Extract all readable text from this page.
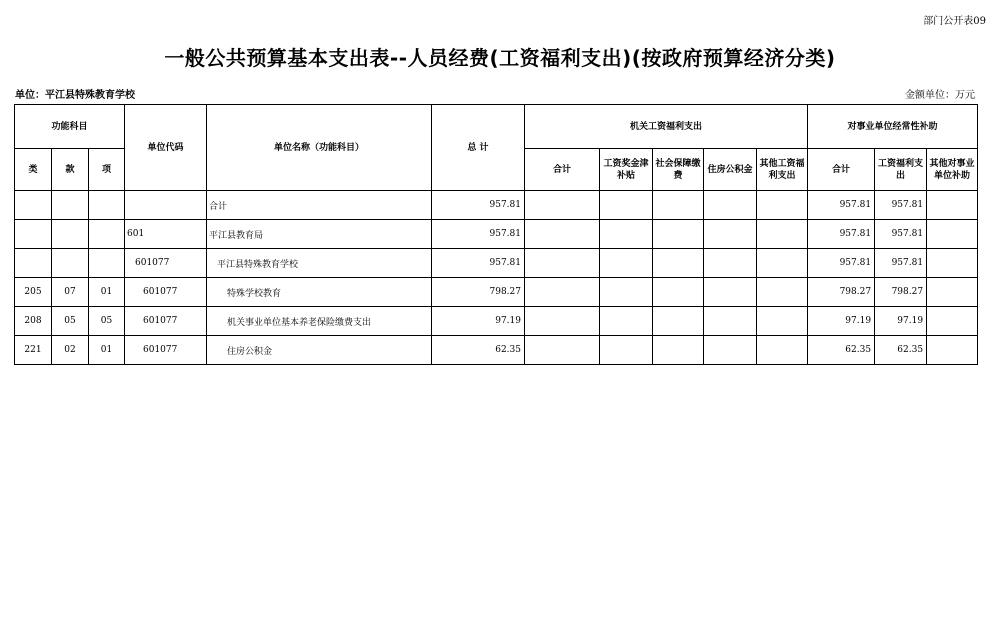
部门公开表09
一般公共预算基本支出表--人员经费(工资福利支出)(按政府预算经济分类)
单位：平江县特殊教育学校	金额单位：万元
功能科目			单位代码	单位名称（功能科目）	总 计	机关工资福利支出					对事业单位经常性补助		
类	款	项				合计	工资奖金津补贴	社会保障缴费	住房公积金	其他工资福利支出	合计	工资福利支出	其他对事业单位补助
				合计	957.81						957.81	957.81	
			601	平江县教育局	957.81						957.81	957.81	
			601077	平江县特殊教育学校	957.81						957.81	957.81	
205	07	01	601077	特殊学校教育	798.27						798.27	798.27	
208	05	05	601077	机关事业单位基本养老保险缴费支出	97.19						97.19	97.19	
221	02	01	601077	住房公积金	62.35						62.35	62.35	
